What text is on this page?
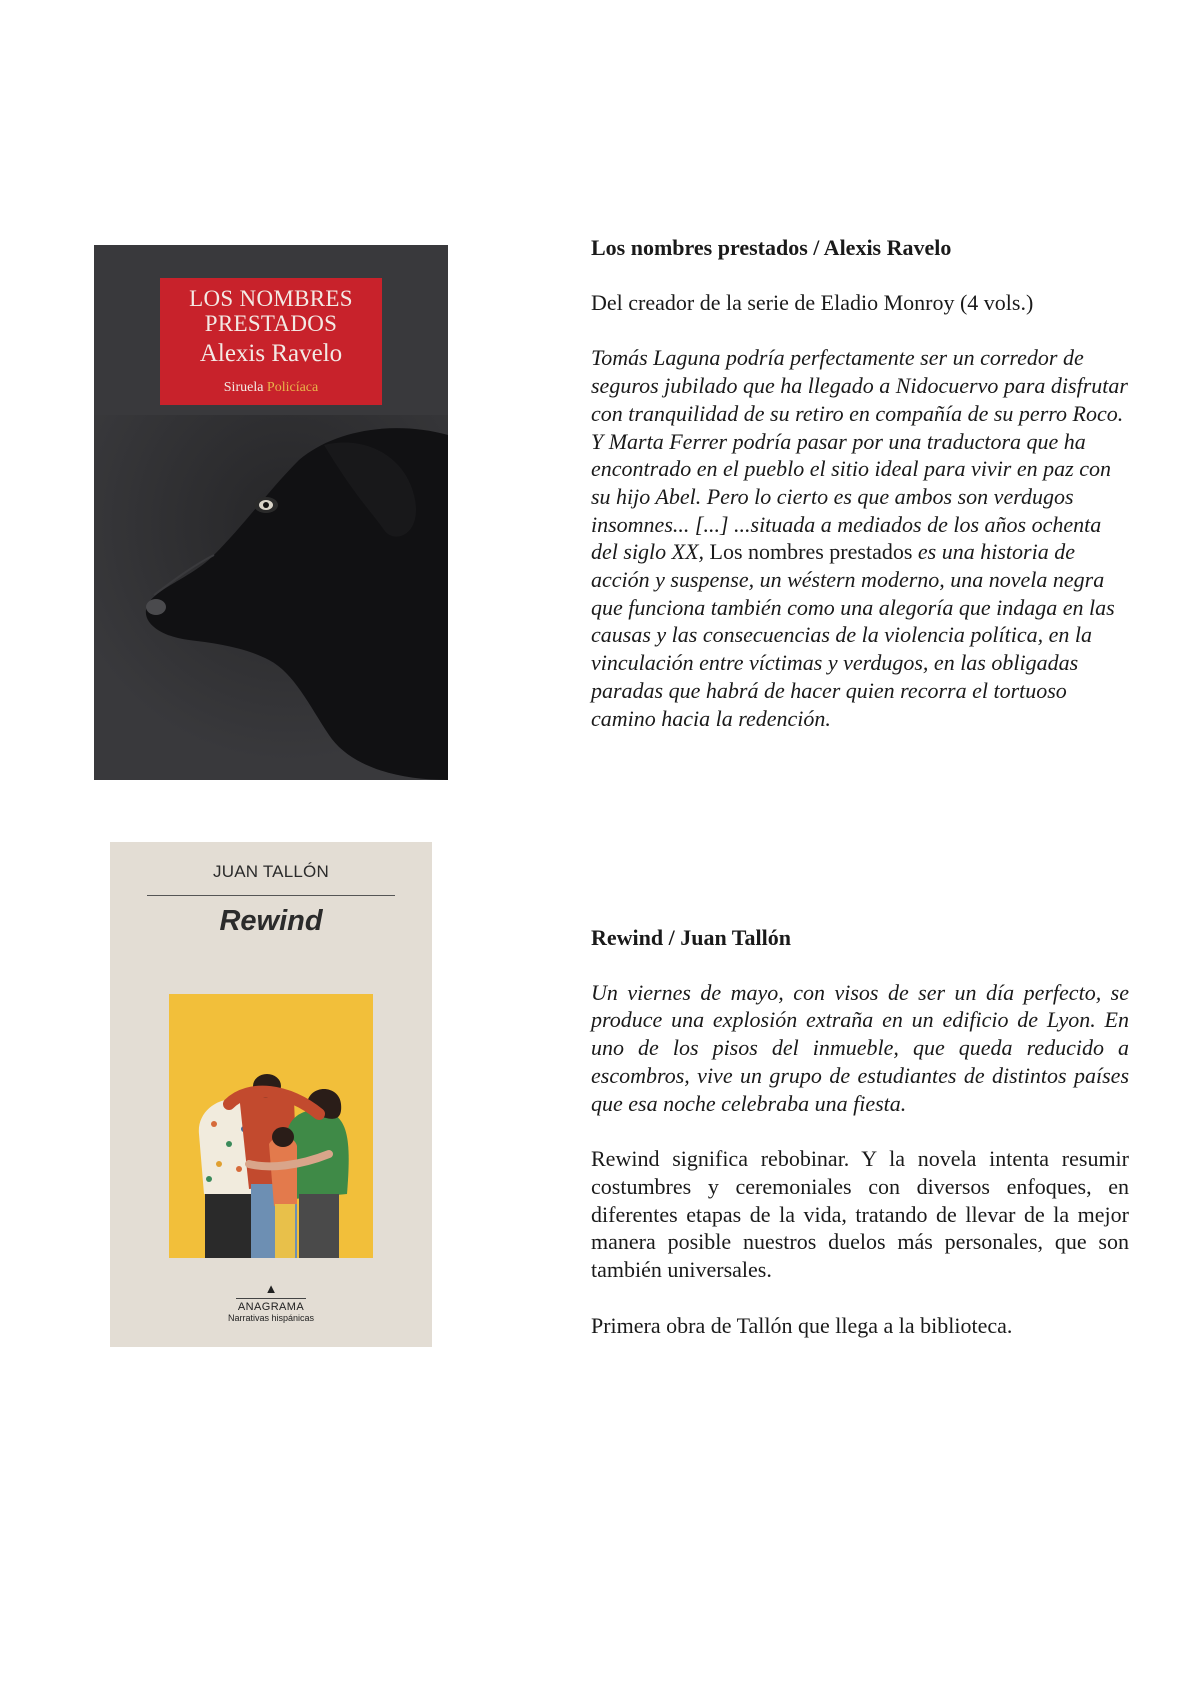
LOS NOMBRES
PRESTADOS
Alexis Ravelo
Siruela Policíaca

Los nombres prestados / Alexis Ravelo

Del creador de la serie de Eladio Monroy (4 vols.)

Tomás Laguna podría perfectamente ser un corredor de seguros jubilado que ha llegado a Nidocuervo para disfrutar con tranquilidad de su retiro en compañía de su perro Roco. Y Marta Ferrer podría pasar por una traductora que ha encontrado en el pueblo el sitio ideal para vivir en paz con su hijo Abel. Pero lo cierto es que ambos son verdugos insomnes... [...] ...situada a mediados de los años ochenta del siglo XX, Los nombres prestados es una historia de acción y suspense, un wéstern moderno, una novela negra que funciona también como una alegoría que indaga en las causas y las consecuencias de la violencia política, en la vinculación entre víctimas y verdugos, en las obligadas paradas que habrá de hacer quien recorra el tortuoso camino hacia la redención.

JUAN TALLÓN
Rewind
▲
ANAGRAMA
Narrativas hispánicas

Rewind / Juan Tallón

Un viernes de mayo, con visos de ser un día perfecto, se produce una explosión extraña en un edificio de Lyon. En uno de los pisos del inmueble, que queda reducido a escombros, vive un grupo de estudiantes de distintos países que esa noche celebraba una fiesta.

Rewind significa rebobinar. Y la novela intenta resumir costumbres y ceremoniales con diversos enfoques, en diferentes etapas de la vida, tratando de llevar de la mejor manera posible nuestros duelos más personales, que son también universales.

Primera obra de Tallón que llega a la biblioteca.
